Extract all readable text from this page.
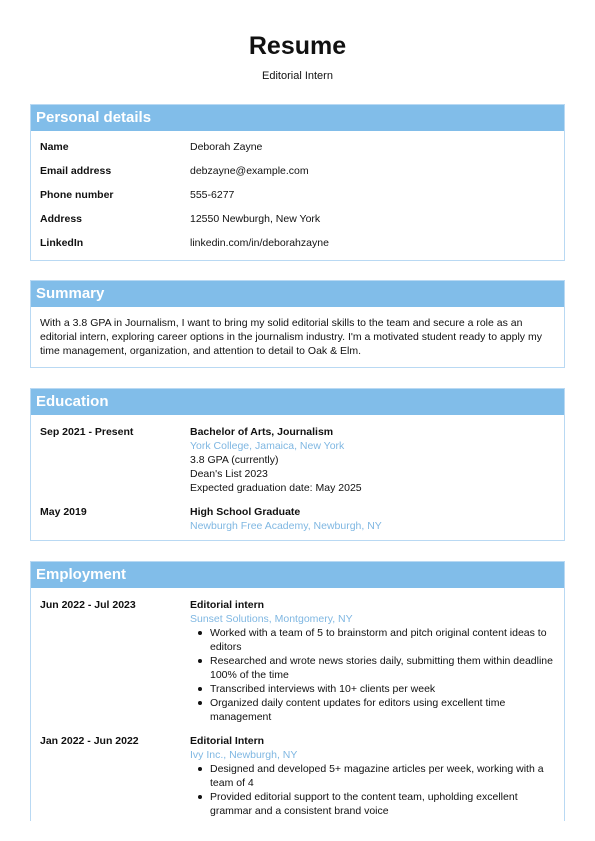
Resume
Editorial Intern
Personal details
Name	Deborah Zayne
Email address	debzayne@example.com
Phone number	555-6277
Address	12550 Newburgh, New York
LinkedIn	linkedin.com/in/deborahzayne
Summary
With a 3.8 GPA in Journalism, I want to bring my solid editorial skills to the team and secure a role as an editorial intern, exploring career options in the journalism industry. I'm a motivated student ready to apply my time management, organization, and attention to detail to Oak & Elm.
Education
Sep 2021 - Present	Bachelor of Arts, Journalism
York College, Jamaica, New York
3.8 GPA (currently)
Dean's List 2023
Expected graduation date: May 2025
May 2019	High School Graduate
Newburgh Free Academy, Newburgh, NY
Employment
Jun 2022 - Jul 2023	Editorial intern
Sunset Solutions, Montgomery, NY
Worked with a team of 5 to brainstorm and pitch original content ideas to editors
Researched and wrote news stories daily, submitting them within deadline 100% of the time
Transcribed interviews with 10+ clients per week
Organized daily content updates for editors using excellent time management
Jan 2022 - Jun 2022	Editorial Intern
Ivy Inc., Newburgh, NY
Designed and developed 5+ magazine articles per week, working with a team of 4
Provided editorial support to the content team, upholding excellent grammar and a consistent brand voice
